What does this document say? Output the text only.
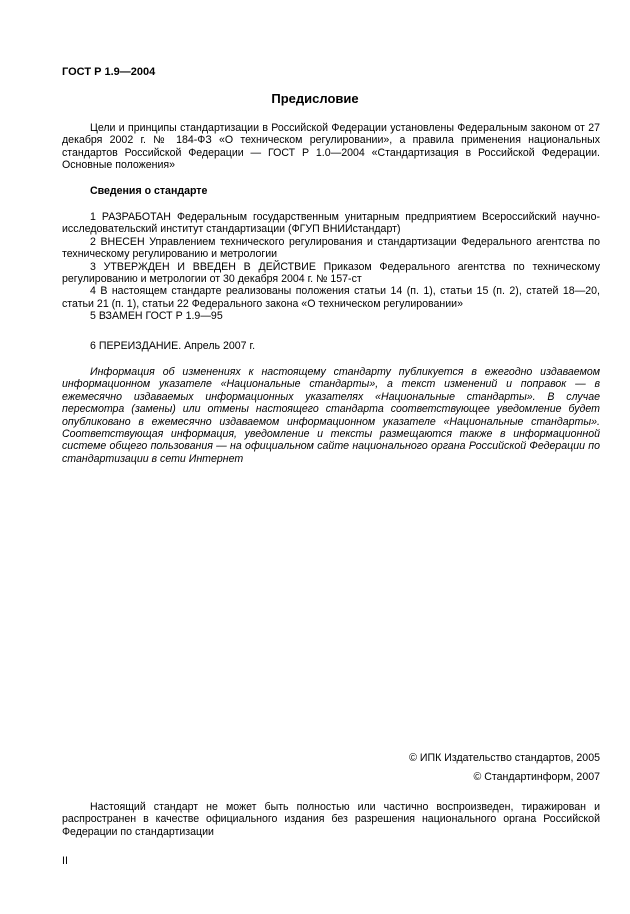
ГОСТ Р 1.9—2004
Предисловие
Цели и принципы стандартизации в Российской Федерации установлены Федеральным законом от 27 декабря 2002 г. № 184-ФЗ «О техническом регулировании», а правила применения национальных стандартов Российской Федерации — ГОСТ Р 1.0—2004 «Стандартизация в Российской Федерации. Основные положения»
Сведения о стандарте

1 РАЗРАБОТАН Федеральным государственным унитарным предприятием Всероссийский научно-исследовательский институт стандартизации (ФГУП ВНИИстандарт)

2 ВНЕСЕН Управлением технического регулирования и стандартизации Федерального агентства по техническому регулированию и метрологии

3 УТВЕРЖДЕН И ВВЕДЕН В ДЕЙСТВИЕ Приказом Федерального агентства по техническому регулированию и метрологии от 30 декабря 2004 г. № 157-ст

4 В настоящем стандарте реализованы положения статьи 14 (п. 1), статьи 15 (п. 2), статей 18—20, статьи 21 (п. 1), статьи 22 Федерального закона «О техническом регулировании»

5 ВЗАМЕН ГОСТ Р 1.9—95

6 ПЕРЕИЗДАНИЕ. Апрель 2007 г.
Информация об изменениях к настоящему стандарту публикуется в ежегодно издаваемом информационном указателе «Национальные стандарты», а текст изменений и поправок — в ежемесячно издаваемых информационных указателях «Национальные стандарты». В случае пересмотра (замены) или отмены настоящего стандарта соответствующее уведомление будет опубликовано в ежемесячно издаваемом информационном указателе «Национальные стандарты». Соответствующая информация, уведомление и тексты размещаются также в информационной системе общего пользования — на официальном сайте национального органа Российской Федерации по стандартизации в сети Интернет
© ИПК Издательство стандартов, 2005
© Стандартинформ, 2007
Настоящий стандарт не может быть полностью или частично воспроизведен, тиражирован и распространен в качестве официального издания без разрешения национального органа Российской Федерации по стандартизации
II
